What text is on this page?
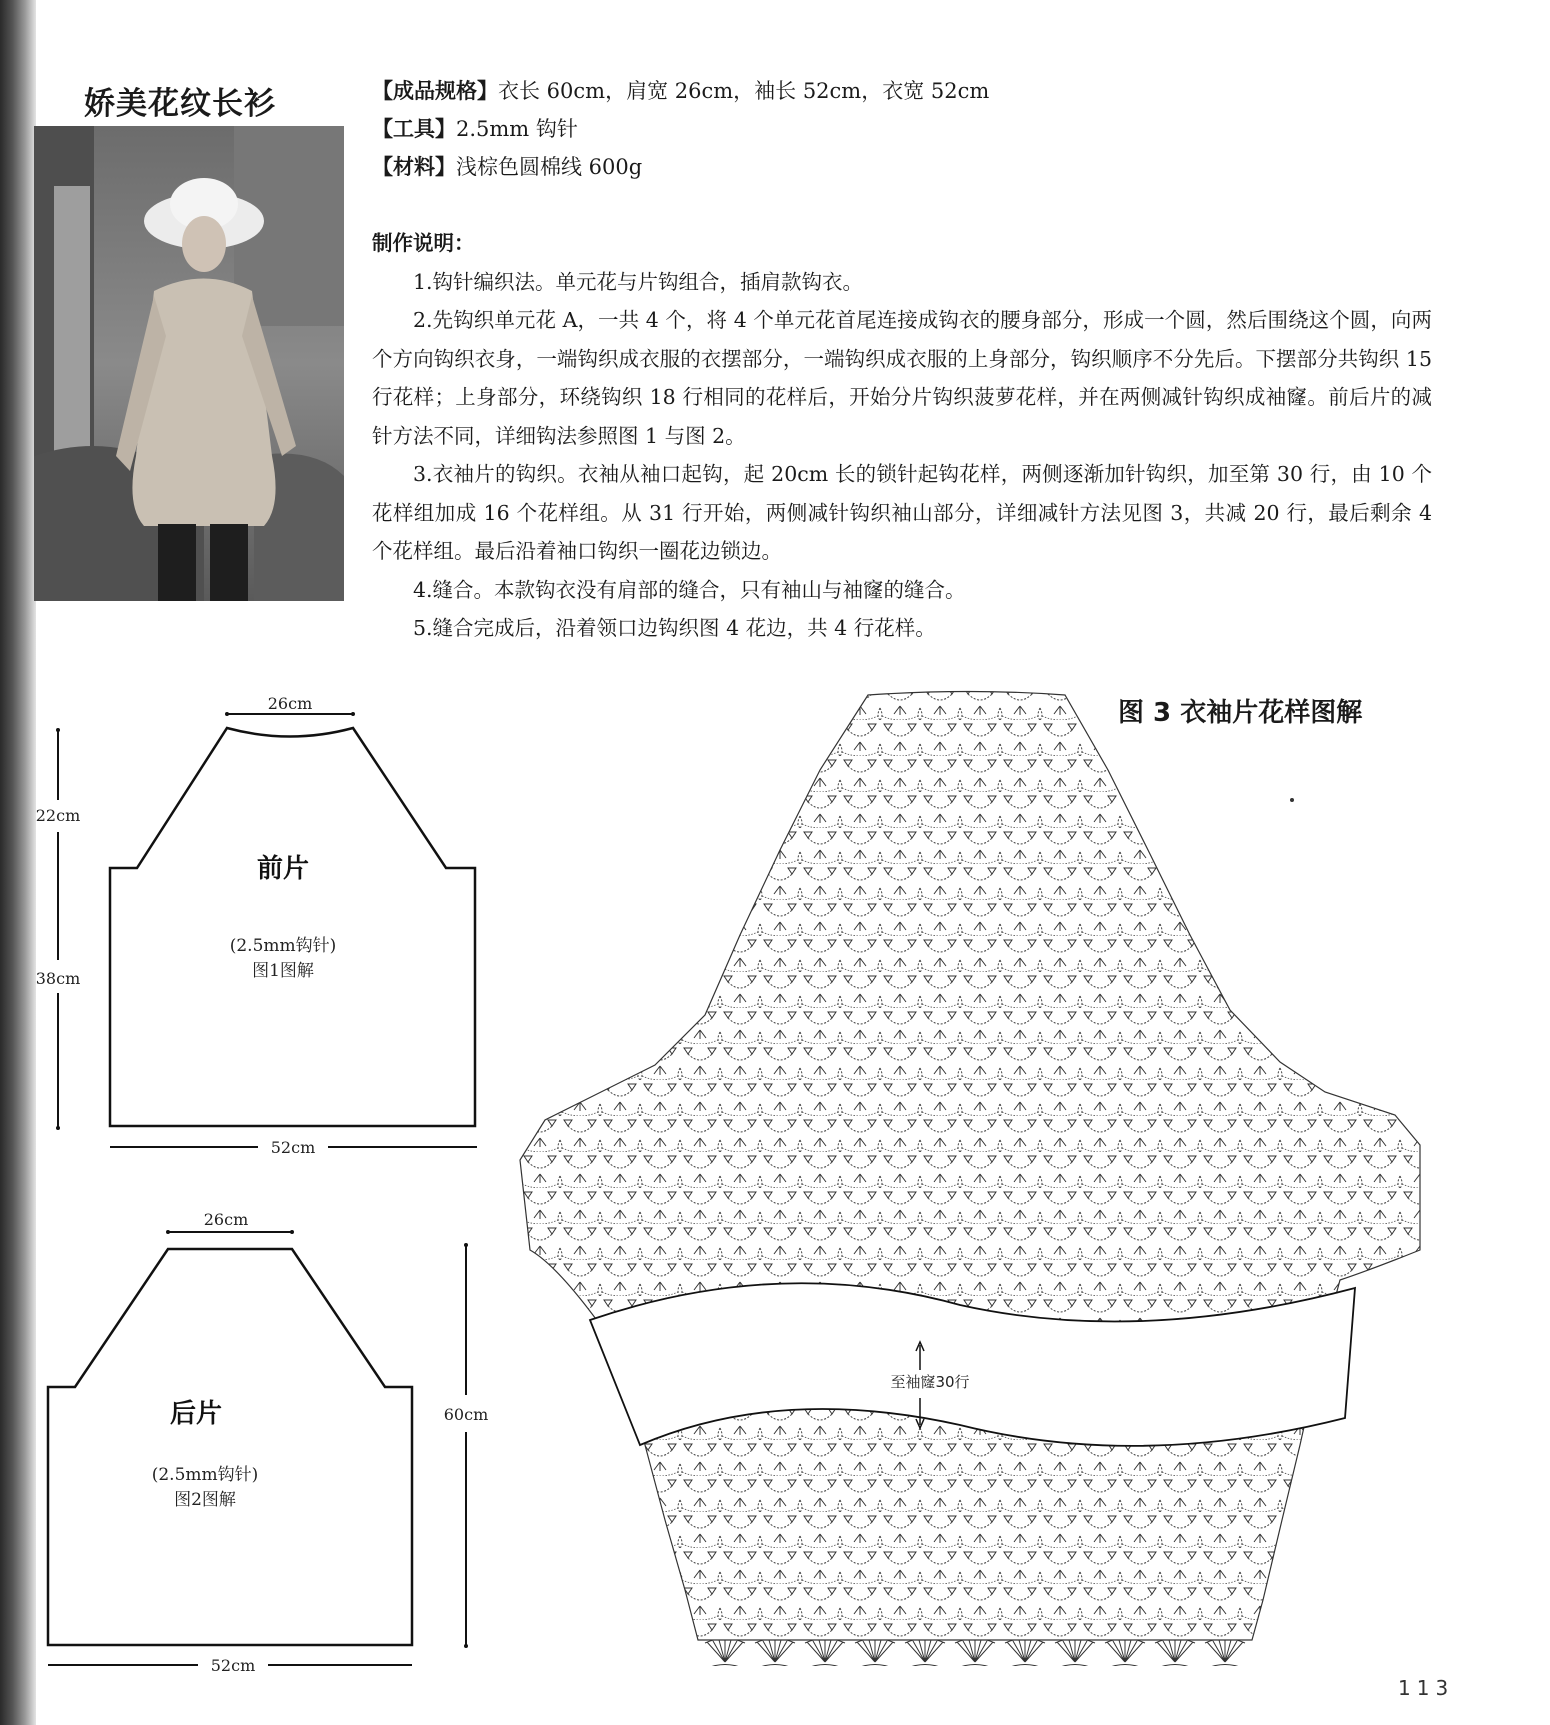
娇美花纹长衫	【成品规格】衣长 60cm，肩宽 26cm，袖长 52cm，衣宽 52cm
【工具】2.5mm 钩针
【材料】浅棕色圆棉线 600g
制作说明：

1.钩针编织法。单元花与片钩组合，插肩款钩衣。

2.先钩织单元花 A，一共 4 个，将 4 个单元花首尾连接成钩衣的腰身部分，形成一个圆，然后围绕这个圆，向两个方向钩织衣身，一端钩织成衣服的衣摆部分，一端钩织成衣服的上身部分，钩织顺序不分先后。下摆部分共钩织 15 行花样；上身部分，环绕钩织 18 行相同的花样后，开始分片钩织菠萝花样，并在两侧减针钩织成袖窿。前后片的减针方法不同，详细钩法参照图 1 与图 2。

3.衣袖片的钩织。衣袖从袖口起钩，起 20cm 长的锁针起钩花样，两侧逐渐加针钩织，加至第 30 行，由 10 个花样组加成 16 个花样组。从 31 行开始，两侧减针钩织袖山部分，详细减针方法见图 3，共减 20 行，最后剩余 4 个花样组。最后沿着袖口钩织一圈花边锁边。

4.缝合。本款钩衣没有肩部的缝合，只有袖山与袖窿的缝合。

5.缝合完成后，沿着领口边钩织图 4 花边，共 4 行花样。

26cm
22cm
38cm
52cm
前片
(2.5mm钩针)
图1图解
26cm
60cm
52cm
后片
(2.5mm钩针)
图2图解
至袖窿30行
图 3 衣袖片花样图解
113
